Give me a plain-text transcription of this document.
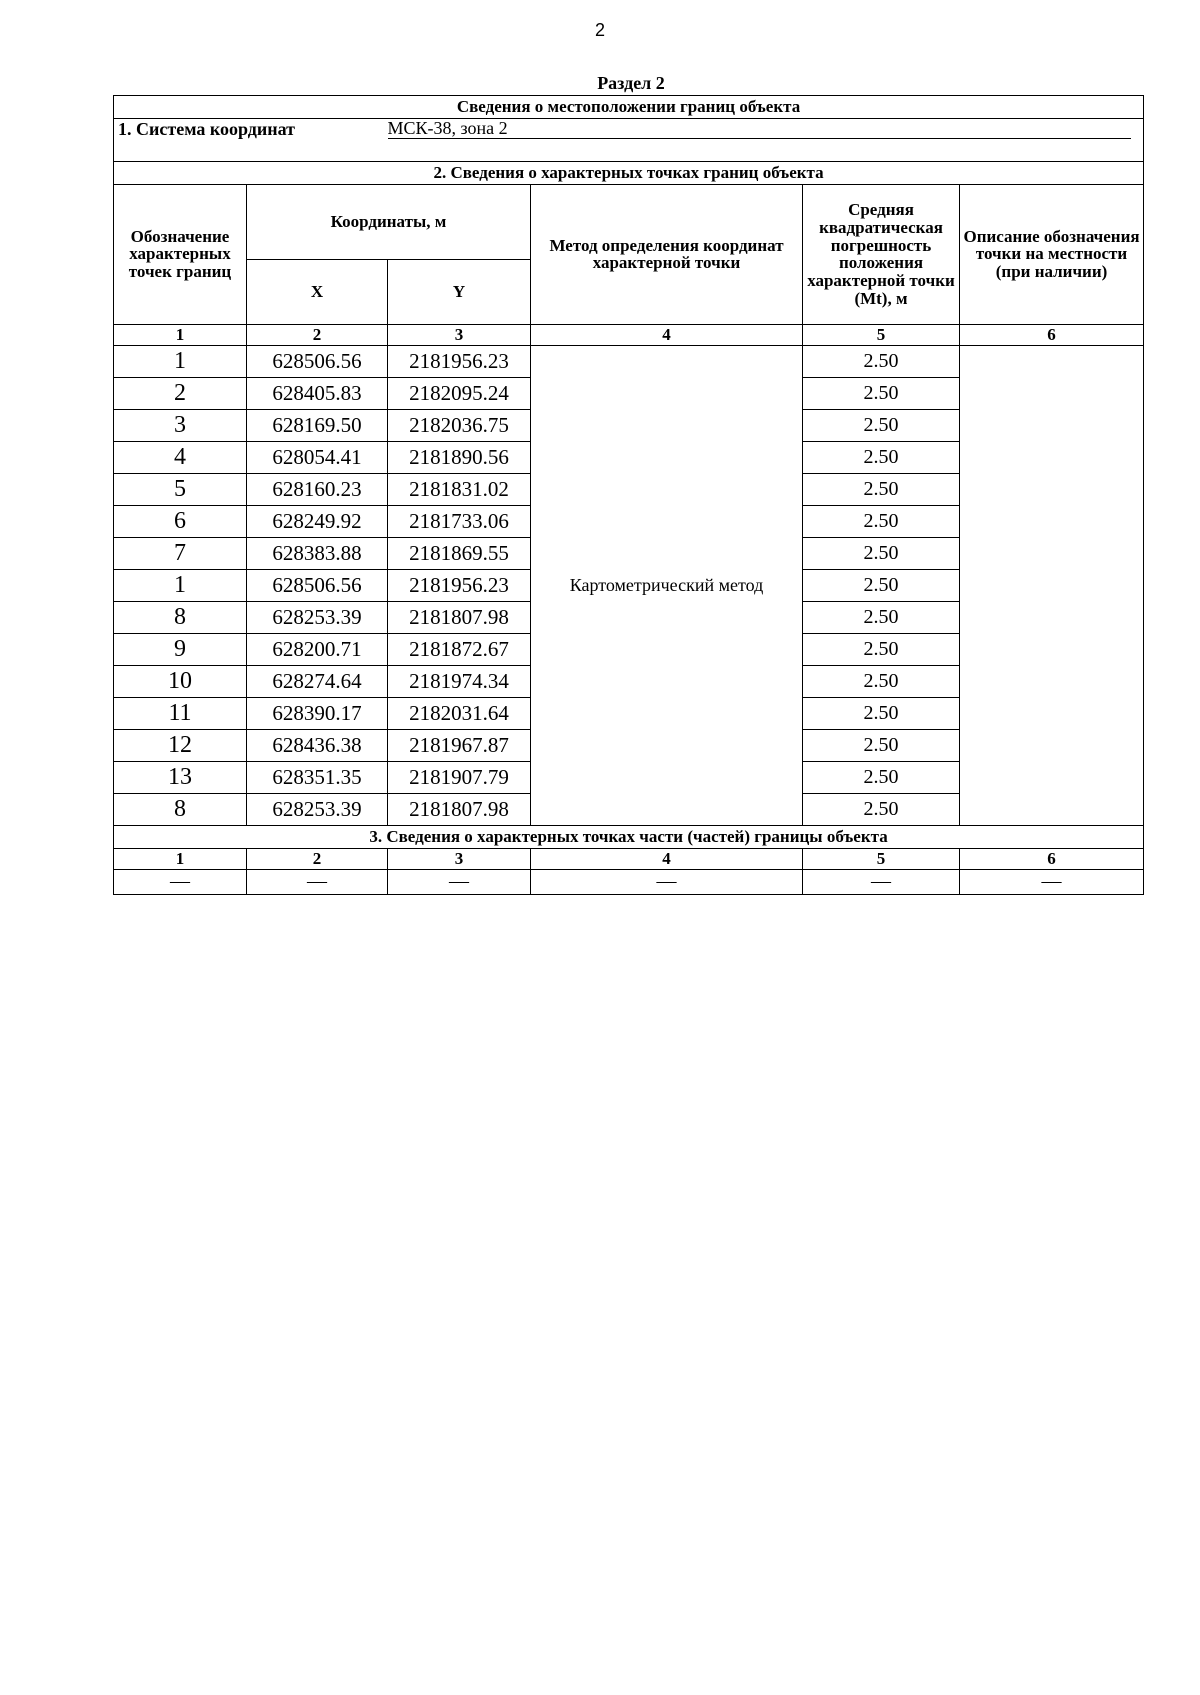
2
Раздел 2
Сведения о местоположении границ объекта					
1. Система координат		МСК-38, зона 2			

2. Сведения о характерных точках границ объекта					
Обозначение характерных точек границ	Координаты, м		Метод определения координат характерной точки	Средняя квадратическая погрешность положения характерной точки (Mt), м	Описание обозначения точки на местности (при наличии)
	X	Y			
1	2	3	4	5	6
1	628506.56	2181956.23	Картометрический метод	2.50	
2	628405.83	2182095.24		2.50	
3	628169.50	2182036.75		2.50	
4	628054.41	2181890.56		2.50	
5	628160.23	2181831.02		2.50	
6	628249.92	2181733.06		2.50	
7	628383.88	2181869.55		2.50	
1	628506.56	2181956.23		2.50	
8	628253.39	2181807.98		2.50	
9	628200.71	2181872.67		2.50	
10	628274.64	2181974.34		2.50	
11	628390.17	2182031.64		2.50	
12	628436.38	2181967.87		2.50	
13	628351.35	2181907.79		2.50	
8	628253.39	2181807.98		2.50	
3. Сведения о характерных точках части (частей) границы объекта					
1	2	3	4	5	6
—	—	—	—	—	—
